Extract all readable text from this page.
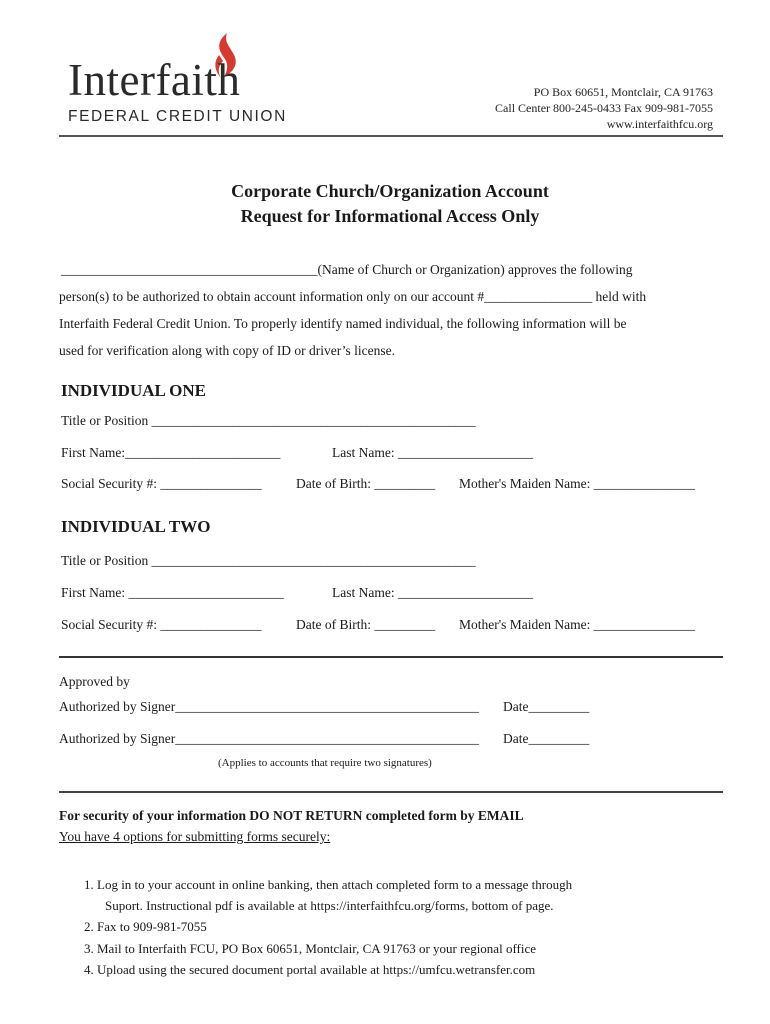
Interfaith
FEDERAL CREDIT UNION
PO Box 60651, Montclair, CA 91763
Call Center 800-245-0433 Fax 909-981-7055
www.interfaithfcu.org
Corporate Church/Organization Account
Request for Informational Access Only
______________________________________(Name of Church or Organization) approves the following
person(s) to be authorized to obtain account information only on our account #________________ held with
Interfaith Federal Credit Union. To properly identify named individual, the following information will be
used for verification along with copy of ID or driver’s license.
INDIVIDUAL ONE
Title or Position ________________________________________________
First Name:_______________________	Last Name: ____________________
Social Security #: _______________	Date of Birth: _________ Mother's Maiden Name: _______________
INDIVIDUAL TWO
Title or Position ________________________________________________
First Name: _______________________	Last Name: ____________________
Social Security #: _______________	Date of Birth: _________ Mother's Maiden Name: _______________
Approved by
Authorized by Signer_____________________________________________ Date_________
Authorized by Signer_____________________________________________ Date_________
(Applies to accounts that require two signatures)
For security of your information DO NOT RETURN completed form by EMAIL
You have 4 options for submitting forms securely:
1. Log in to your account in online banking, then attach completed form to a message through
Suport. Instructional pdf is available at https://interfaithfcu.org/forms, bottom of page.
2. Fax to 909-981-7055
3. Mail to Interfaith FCU, PO Box 60651, Montclair, CA 91763 or your regional office
4. Upload using the secured document portal available at https://umfcu.wetransfer.com
